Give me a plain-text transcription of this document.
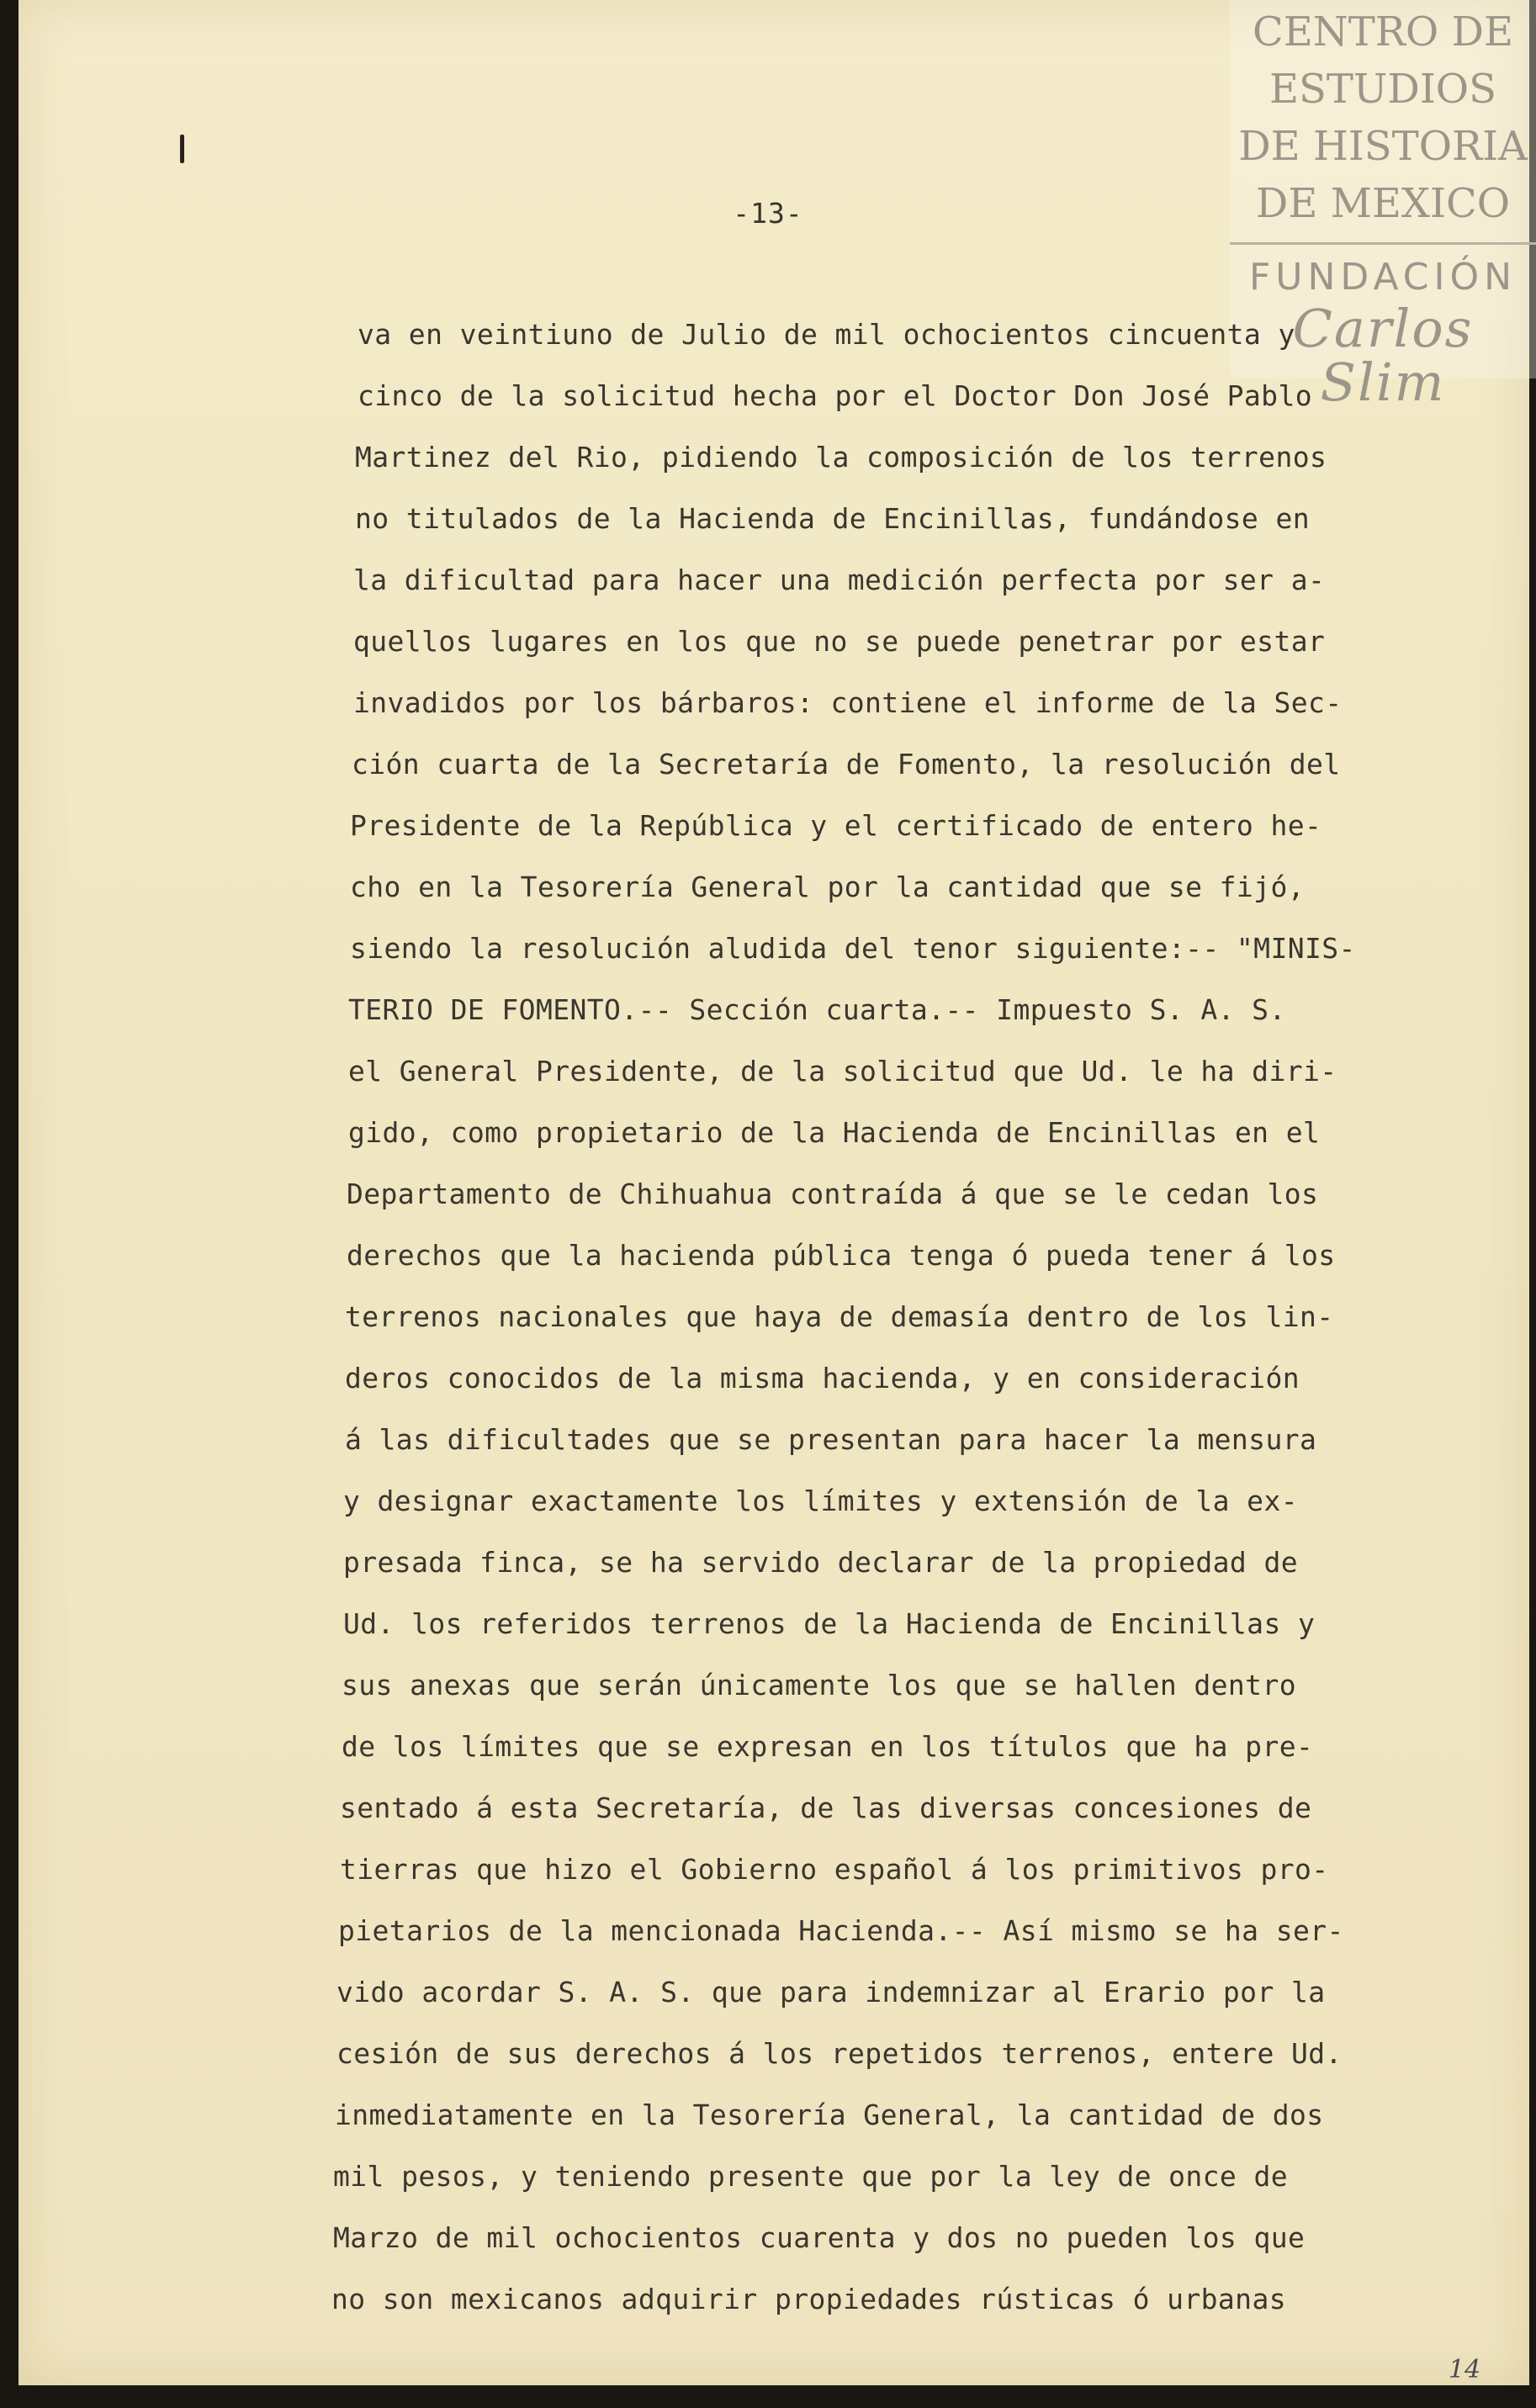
-13-
CENTRO DE
ESTUDIOS
DE HISTORIA
DE MEXICO
FUNDACIÓN
Carlos Slim
va en veintiuno de Julio de mil ochocientos cincuenta y
cinco de la solicitud hecha por el Doctor Don José Pablo
Martinez del Rio, pidiendo la composición de los terrenos
no titulados de la Hacienda de Encinillas, fundándose en
la dificultad para hacer una medición perfecta por ser a-
quellos lugares en los que no se puede penetrar por estar
invadidos por los bárbaros: contiene el informe de la Sec-
ción cuarta de la Secretaría de Fomento, la resolución del
Presidente de la República y el certificado de entero he-
cho en la Tesorería General por la cantidad que se fijó,
siendo la resolución aludida del tenor siguiente:-- "MINIS-
TERIO DE FOMENTO.-- Sección cuarta.-- Impuesto S. A. S.
el General Presidente, de la solicitud que Ud. le ha diri-
gido, como propietario de la Hacienda de Encinillas en el
Departamento de Chihuahua contraída á que se le cedan los
derechos que la hacienda pública tenga ó pueda tener á los
terrenos nacionales que haya de demasía dentro de los lin-
deros conocidos de la misma hacienda, y en consideración
á las dificultades que se presentan para hacer la mensura
y designar exactamente los límites y extensión de la ex-
presada finca, se ha servido declarar de la propiedad de
Ud. los referidos terrenos de la Hacienda de Encinillas y
sus anexas que serán únicamente los que se hallen dentro
de los límites que se expresan en los títulos que ha pre-
sentado á esta Secretaría, de las diversas concesiones de
tierras que hizo el Gobierno español á los primitivos pro-
pietarios de la mencionada Hacienda.-- Así mismo se ha ser-
vido acordar S. A. S. que para indemnizar al Erario por la
cesión de sus derechos á los repetidos terrenos, entere Ud.
inmediatamente en la Tesorería General, la cantidad de dos
mil pesos, y teniendo presente que por la ley de once de
Marzo de mil ochocientos cuarenta y dos no pueden los que
no son mexicanos adquirir propiedades rústicas ó urbanas
14
